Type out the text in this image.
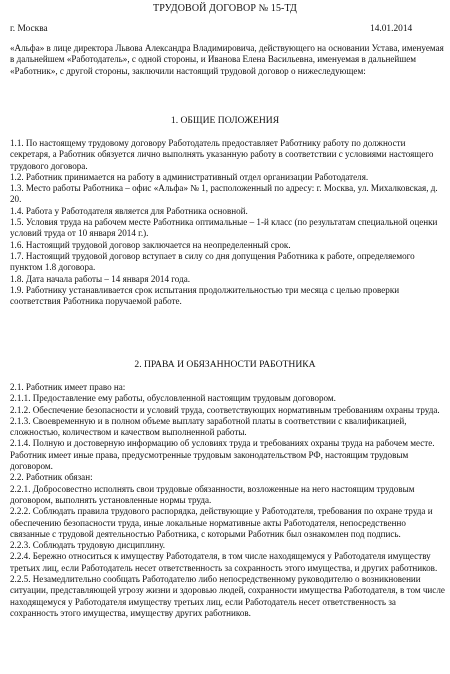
ТРУДОВОЙ ДОГОВОР № 15-ТД
г. Москва	14.01.2014
«Альфа» в лице директора Львова Александра Владимировича, действующего на основании Устава, именуемая в дальнейшем «Работодатель», с одной стороны, и Иванова Елена Васильевна, именуемая в дальнейшем «Работник», с другой стороны, заключили настоящий трудовой договор о нижеследующем:
1. ОБЩИЕ ПОЛОЖЕНИЯ

1.1. По настоящему трудовому договору Работодатель предоставляет Работнику работу по должности секретаря, а Работник обязуется лично выполнять указанную работу в соответствии с условиями настоящего трудового договора.

1.2. Работник принимается на работу в административный отдел организации Работодателя.

1.3. Место работы Работника – офис «Альфа» № 1, расположенный по адресу: г. Москва, ул. Михалковская, д. 20.

1.4. Работа у Работодателя является для Работника основной.

1.5. Условия труда на рабочем месте Работника оптимальные – 1-й класс (по результатам специальной оценки условий труда от 10 января 2014 г.).

1.6. Настоящий трудовой договор заключается на неопределенный срок.

1.7. Настоящий трудовой договор вступает в силу со дня допущения Работника к работе, определяемого пунктом 1.8 договора.

1.8. Дата начала работы – 14 января 2014 года.

1.9. Работнику устанавливается срок испытания продолжительностью три месяца с целью проверки соответствия Работника поручаемой работе.

2. ПРАВА И ОБЯЗАННОСТИ РАБОТНИКА

2.1. Работник имеет право на:

2.1.1. Предоставление ему работы, обусловленной настоящим трудовым договором.

2.1.2. Обеспечение безопасности и условий труда, соответствующих нормативным требованиям охраны труда.

2.1.3. Своевременную и в полном объеме выплату заработной платы в соответствии с квалификацией, сложностью, количеством и качеством выполненной работы.

2.1.4. Полную и достоверную информацию об условиях труда и требованиях охраны труда на рабочем месте.

Работник имеет иные права, предусмотренные трудовым законодательством РФ, настоящим трудовым договором.

2.2. Работник обязан:

2.2.1. Добросовестно исполнять свои трудовые обязанности, возложенные на него настоящим трудовым договором, выполнять установленные нормы труда.

2.2.2. Соблюдать правила трудового распорядка, действующие у Работодателя, требования по охране труда и обеспечению безопасности труда, иные локальные нормативные акты Работодателя, непосредственно связанные с трудовой деятельностью Работника, с которыми Работник был ознакомлен под подпись.

2.2.3. Соблюдать трудовую дисциплину.

2.2.4. Бережно относиться к имуществу Работодателя, в том числе находящемуся у Работодателя имуществу третьих лиц, если Работодатель несет ответственность за сохранность этого имущества, и других работников.

2.2.5. Незамедлительно сообщать Работодателю либо непосредственному руководителю о возникновении ситуации, представляющей угрозу жизни и здоровью людей, сохранности имущества Работодателя, в том числе находящемуся у Работодателя имуществу третьих лиц, если Работодатель несет ответственность за сохранность этого имущества, имуществу других работников.
